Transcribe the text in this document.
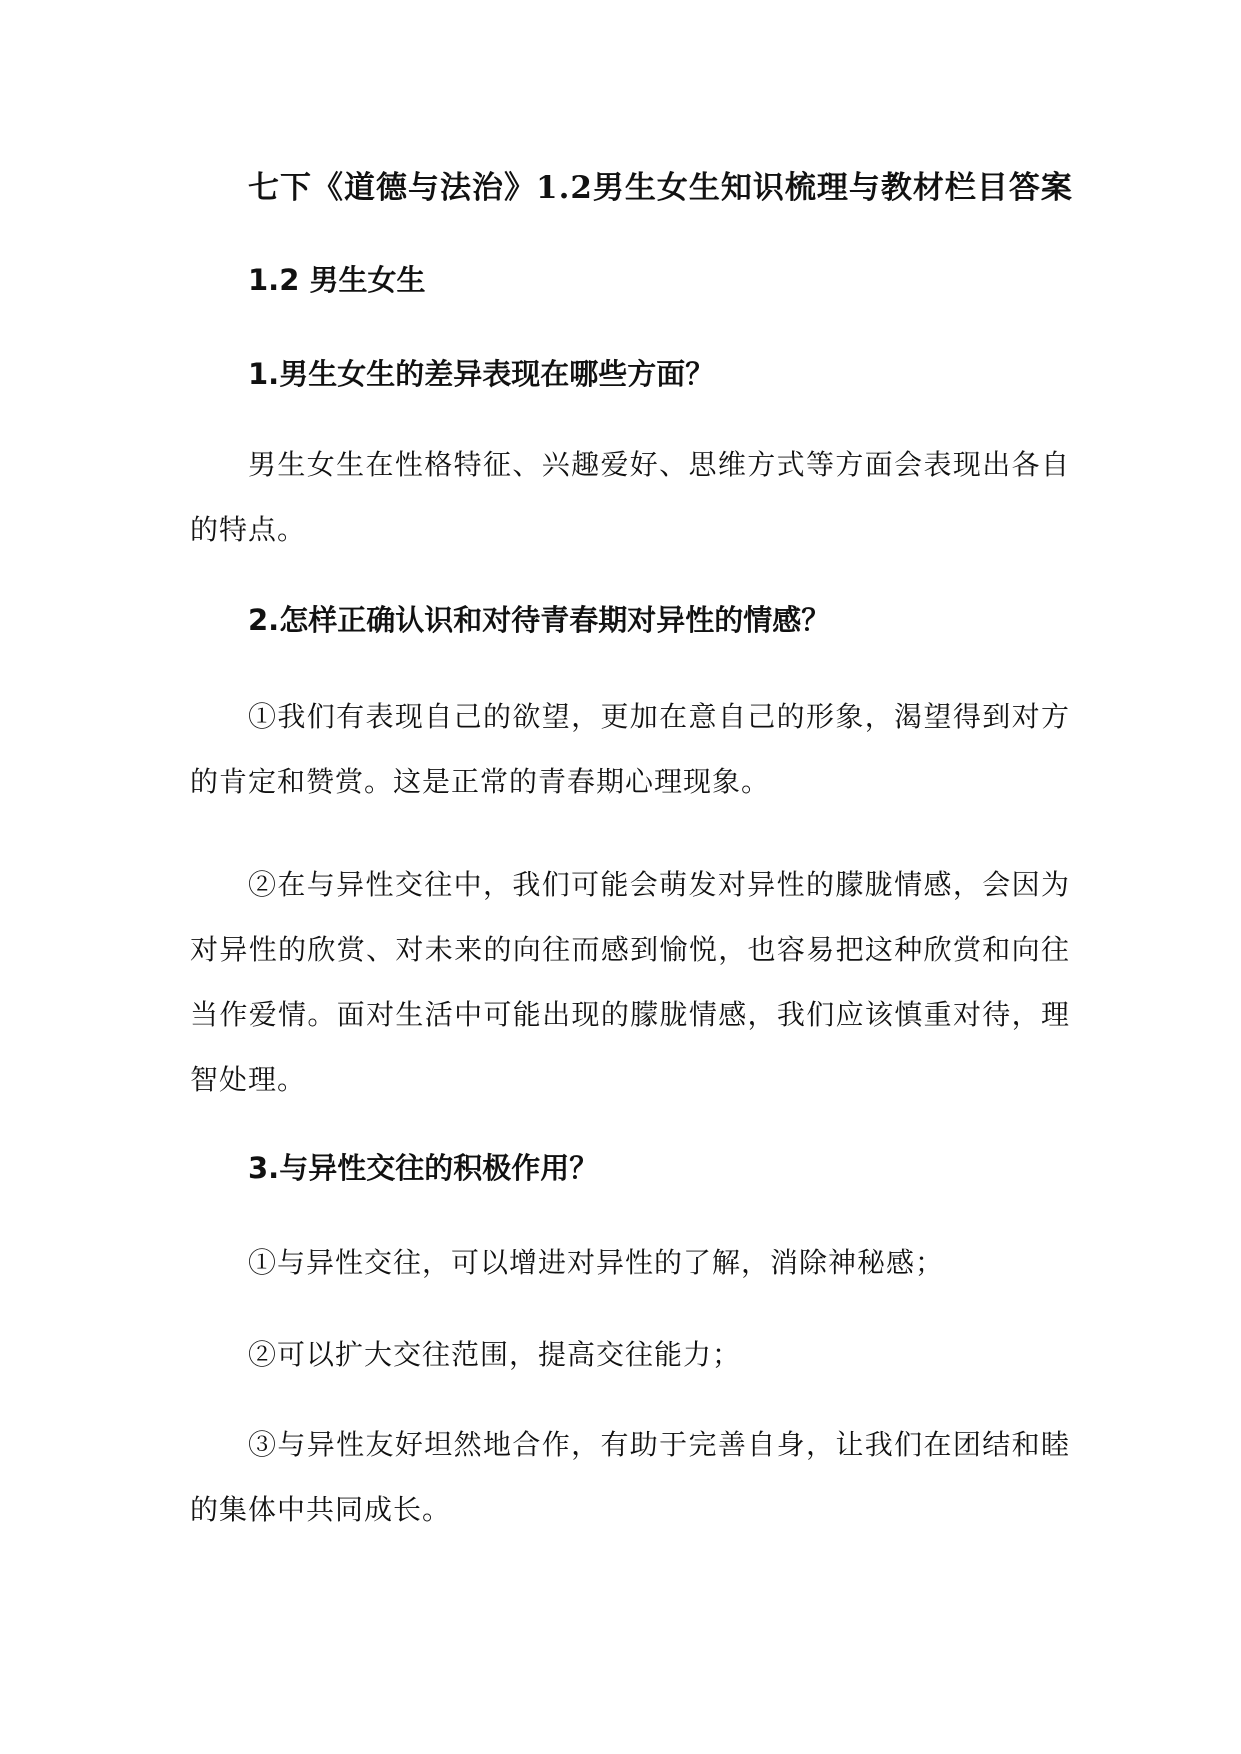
七下《道德与法治》1.2男生女生知识梳理与教材栏目答案
1.2 男生女生
1.男生女生的差异表现在哪些方面？
男生女生在性格特征、兴趣爱好、思维方式等方面会表现出各自的特点。
2.怎样正确认识和对待青春期对异性的情感？
①我们有表现自己的欲望，更加在意自己的形象，渴望得到对方的肯定和赞赏。这是正常的青春期心理现象。
②在与异性交往中，我们可能会萌发对异性的朦胧情感，会因为对异性的欣赏、对未来的向往而感到愉悦，也容易把这种欣赏和向往当作爱情。面对生活中可能出现的朦胧情感，我们应该慎重对待，理智处理。
3.与异性交往的积极作用？
①与异性交往，可以增进对异性的了解，消除神秘感；
②可以扩大交往范围，提高交往能力；
③与异性友好坦然地合作，有助于完善自身，让我们在团结和睦的集体中共同成长。
